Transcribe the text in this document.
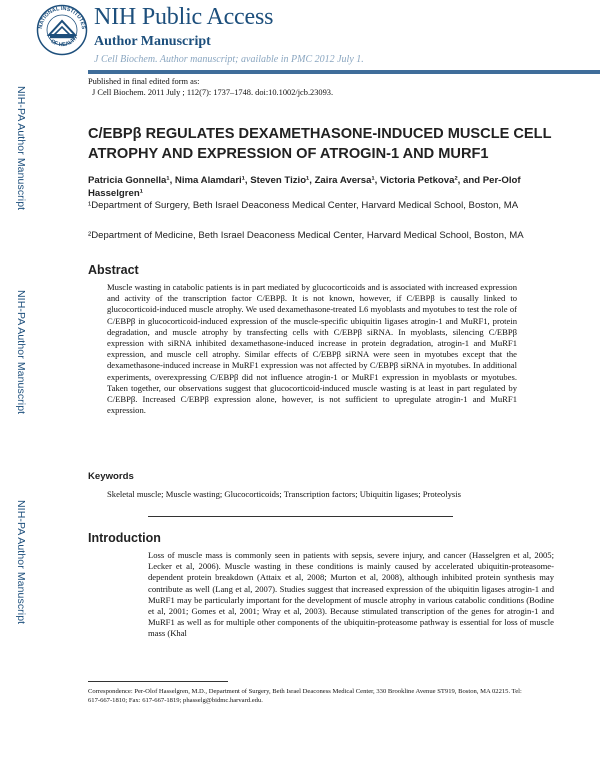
NATIONAL INSTITUTES
OF HEALTH
NIH Public Access
Author Manuscript
J Cell Biochem. Author manuscript; available in PMC 2012 July 1.
Published in final edited form as:
J Cell Biochem. 2011 July ; 112(7): 1737–1748. doi:10.1002/jcb.23093.
NIH-PA Author Manuscript
NIH-PA Author Manuscript
NIH-PA Author Manuscript
C/EBPβ REGULATES DEXAMETHASONE-INDUCED MUSCLE CELL ATROPHY AND EXPRESSION OF ATROGIN-1 AND MURF1
Patricia Gonnella¹, Nima Alamdari¹, Steven Tizio¹, Zaira Aversa¹, Victoria Petkova², and Per-Olof Hasselgren¹
¹Department of Surgery, Beth Israel Deaconess Medical Center, Harvard Medical School, Boston, MA
²Department of Medicine, Beth Israel Deaconess Medical Center, Harvard Medical School, Boston, MA
Abstract
Muscle wasting in catabolic patients is in part mediated by glucocorticoids and is associated with increased expression and activity of the transcription factor C/EBPβ. It is not known, however, if C/EBPβ is causally linked to glucocorticoid-induced muscle atrophy. We used dexamethasone-treated L6 myoblasts and myotubes to test the role of C/EBPβ in glucocorticoid-induced expression of the muscle-specific ubiquitin ligases atrogin-1 and MuRF1, protein degradation, and muscle atrophy by transfecting cells with C/EBPβ siRNA. In myoblasts, silencing C/EBPβ expression with siRNA inhibited dexamethasone-induced increase in protein degradation, atrogin-1 and MuRF1 expression, and muscle cell atrophy. Similar effects of C/EBPβ siRNA were seen in myotubes except that the dexamethasone-induced increase in MuRF1 expression was not affected by C/EBPβ siRNA in myotubes. In additional experiments, overexpressing C/EBPβ did not influence atrogin-1 or MuRF1 expression in myoblasts or myotubes. Taken together, our observations suggest that glucocorticoid-induced muscle wasting is at least in part regulated by C/EBPβ. Increased C/EBPβ expression alone, however, is not sufficient to upregulate atrogin-1 and MuRF1 expression.
Keywords
Skeletal muscle; Muscle wasting; Glucocorticoids; Transcription factors; Ubiquitin ligases; Proteolysis
Introduction
Loss of muscle mass is commonly seen in patients with sepsis, severe injury, and cancer (Hasselgren et al, 2005; Lecker et al, 2006). Muscle wasting in these conditions is mainly caused by accelerated ubiquitin-proteasome-dependent protein breakdown (Attaix et al, 2008; Murton et al, 2008), although inhibited protein synthesis may contribute as well (Lang et al, 2007). Studies suggest that increased expression of the ubiquitin ligases atrogin-1 and MuRF1 may be particularly important for the development of muscle atrophy in various catabolic conditions (Bodine et al, 2001; Gomes et al, 2001; Wray et al, 2003). Because stimulated transcription of the genes for atrogin-1 and MuRF1 as well as for multiple other components of the ubiquitin-proteasome pathway is essential for loss of muscle mass (Khal
Correspondence: Per-Olof Hasselgren, M.D., Department of Surgery, Beth Israel Deaconess Medical Center, 330 Brookline Avenue ST919, Boston, MA 02215. Tel: 617-667-1810; Fax: 617-667-1819; phasselg@bidmc.harvard.edu.
